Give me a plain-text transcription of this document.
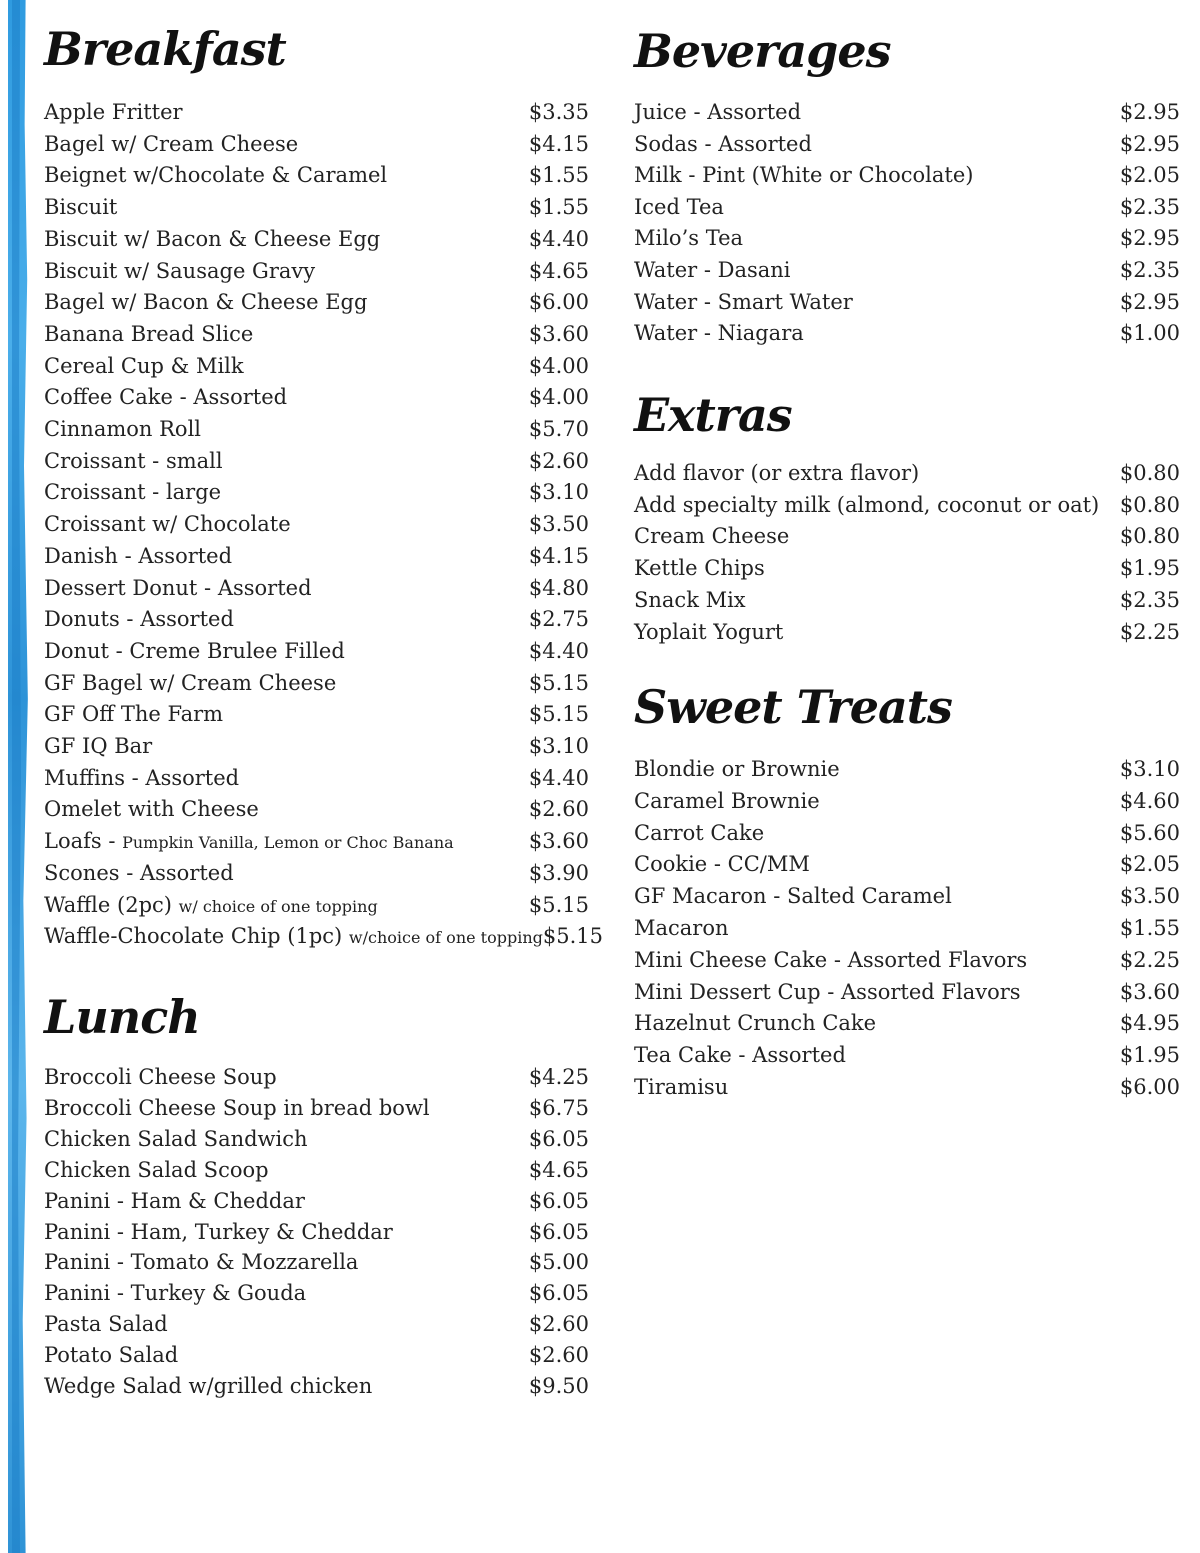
Breakfast
Apple Fritter	$3.35
Bagel w/ Cream Cheese	$4.15
Beignet w/Chocolate & Caramel	$1.55
Biscuit	$1.55
Biscuit w/ Bacon & Cheese Egg	$4.40
Biscuit w/ Sausage Gravy	$4.65
Bagel w/ Bacon & Cheese Egg	$6.00
Banana Bread Slice	$3.60
Cereal Cup & Milk	$4.00
Coffee Cake - Assorted	$4.00
Cinnamon Roll	$5.70
Croissant - small	$2.60
Croissant - large	$3.10
Croissant w/ Chocolate	$3.50
Danish - Assorted	$4.15
Dessert Donut - Assorted	$4.80
Donuts - Assorted	$2.75
Donut - Creme Brulee Filled	$4.40
GF Bagel w/ Cream Cheese	$5.15
GF Off The Farm	$5.15
GF IQ Bar	$3.10
Muffins - Assorted	$4.40
Omelet with Cheese	$2.60
Loafs - Pumpkin Vanilla, Lemon or Choc Banana	$3.60
Scones - Assorted	$3.90
Waffle (2pc) w/ choice of one topping	$5.15
Waffle-Chocolate Chip (1pc) w/choice of one topping $5.15
Lunch
Broccoli Cheese Soup	$4.25
Broccoli Cheese Soup in bread bowl	$6.75
Chicken Salad Sandwich	$6.05
Chicken Salad Scoop	$4.65
Panini - Ham & Cheddar	$6.05
Panini - Ham, Turkey & Cheddar	$6.05
Panini - Tomato & Mozzarella	$5.00
Panini - Turkey & Gouda	$6.05
Pasta Salad	$2.60
Potato Salad	$2.60
Wedge Salad w/grilled chicken	$9.50
Beverages
Juice - Assorted	$2.95
Sodas - Assorted	$2.95
Milk - Pint (White or Chocolate)	$2.05
Iced Tea	$2.35
Milo’s Tea	$2.95
Water - Dasani	$2.35
Water - Smart Water	$2.95
Water - Niagara	$1.00
Extras
Add flavor (or extra flavor)	$0.80
Add specialty milk (almond, coconut or oat) $0.80
Cream Cheese	$0.80
Kettle Chips	$1.95
Snack Mix	$2.35
Yoplait Yogurt	$2.25
Sweet Treats
Blondie or Brownie	$3.10
Caramel Brownie	$4.60
Carrot Cake	$5.60
Cookie - CC/MM	$2.05
GF Macaron - Salted Caramel	$3.50
Macaron	$1.55
Mini Cheese Cake - Assorted Flavors	$2.25
Mini Dessert Cup - Assorted Flavors	$3.60
Hazelnut Crunch Cake	$4.95
Tea Cake - Assorted	$1.95
Tiramisu	$6.00
